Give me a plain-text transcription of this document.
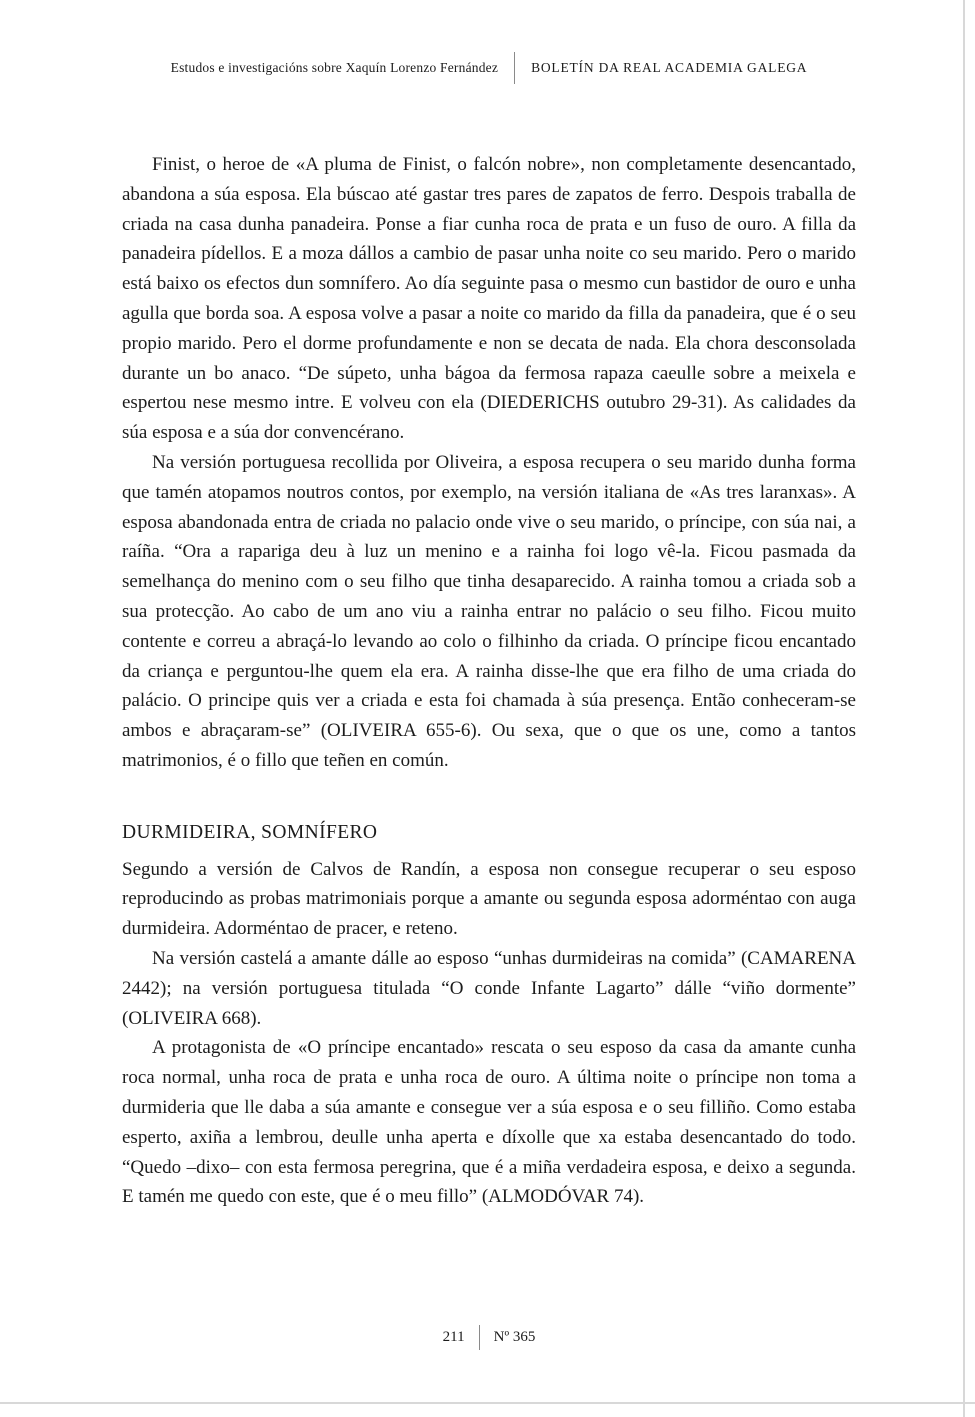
Estudos e investigacións sobre Xaquín Lorenzo Fernández BOLETÍN DA REAL ACADEMIA GALEGA

Finist, o heroe de «A pluma de Finist, o falcón nobre», non completamente desencantado, abandona a súa esposa. Ela búscao até gastar tres pares de zapatos de ferro. Despois traballa de criada na casa dunha panadeira. Ponse a fiar cunha roca de prata e un fuso de ouro. A filla da panadeira pídellos. E a moza dállos a cambio de pasar unha noite co seu marido. Pero o marido está baixo os efectos dun somnífero. Ao día seguinte pasa o mesmo cun bastidor de ouro e unha agulla que borda soa. A esposa volve a pasar a noite co marido da filla da panadeira, que é o seu propio marido. Pero el dorme profundamente e non se decata de nada. Ela chora desconsolada durante un bo anaco. “De súpeto, unha bágoa da fermosa rapaza caeulle sobre a meixela e espertou nese mesmo intre. E volveu con ela (DIEDERICHS outubro 29-31). As calidades da súa esposa e a súa dor convencérano.

Na versión portuguesa recollida por Oliveira, a esposa recupera o seu marido dunha forma que tamén atopamos noutros contos, por exemplo, na versión italiana de «As tres laranxas». A esposa abandonada entra de criada no palacio onde vive o seu marido, o príncipe, con súa nai, a raíña. “Ora a rapariga deu à luz un menino e a rainha foi logo vê-la. Ficou pasmada da semelhança do menino com o seu filho que tinha desaparecido. A rainha tomou a criada sob a sua protecção. Ao cabo de um ano viu a rainha entrar no palácio o seu filho. Ficou muito contente e correu a abraçá-lo levando ao colo o filhinho da criada. O príncipe ficou encantado da criança e perguntou-lhe quem ela era. A rainha disse-lhe que era filho de uma criada do palácio. O principe quis ver a criada e esta foi chamada à súa presença. Então conheceram-se ambos e abraçaram-se” (OLIVEIRA 655-6). Ou sexa, que o que os une, como a tantos matrimonios, é o fillo que teñen en común.

DURMIDEIRA, SOMNÍFERO

Segundo a versión de Calvos de Randín, a esposa non consegue recuperar o seu esposo reproducindo as probas matrimoniais porque a amante ou segunda esposa adorméntao con auga durmideira. Adorméntao de pracer, e reteno.

Na versión castelá a amante dálle ao esposo “unhas durmideiras na comida” (CAMARENA 2442); na versión portuguesa titulada “O conde Infante Lagarto” dálle “viño dormente” (OLIVEIRA 668).

A protagonista de «O príncipe encantado» rescata o seu esposo da casa da amante cunha roca normal, unha roca de prata e unha roca de ouro. A última noite o príncipe non toma a durmideria que lle daba a súa amante e consegue ver a súa esposa e o seu filliño. Como estaba esperto, axiña a lembrou, deulle unha aperta e díxolle que xa estaba desencantado do todo. “Quedo –dixo– con esta fermosa peregrina, que é a miña verdadeira esposa, e deixo a segunda. E tamén me quedo con este, que é o meu fillo” (ALMODÓVAR 74).

211 Nº 365
